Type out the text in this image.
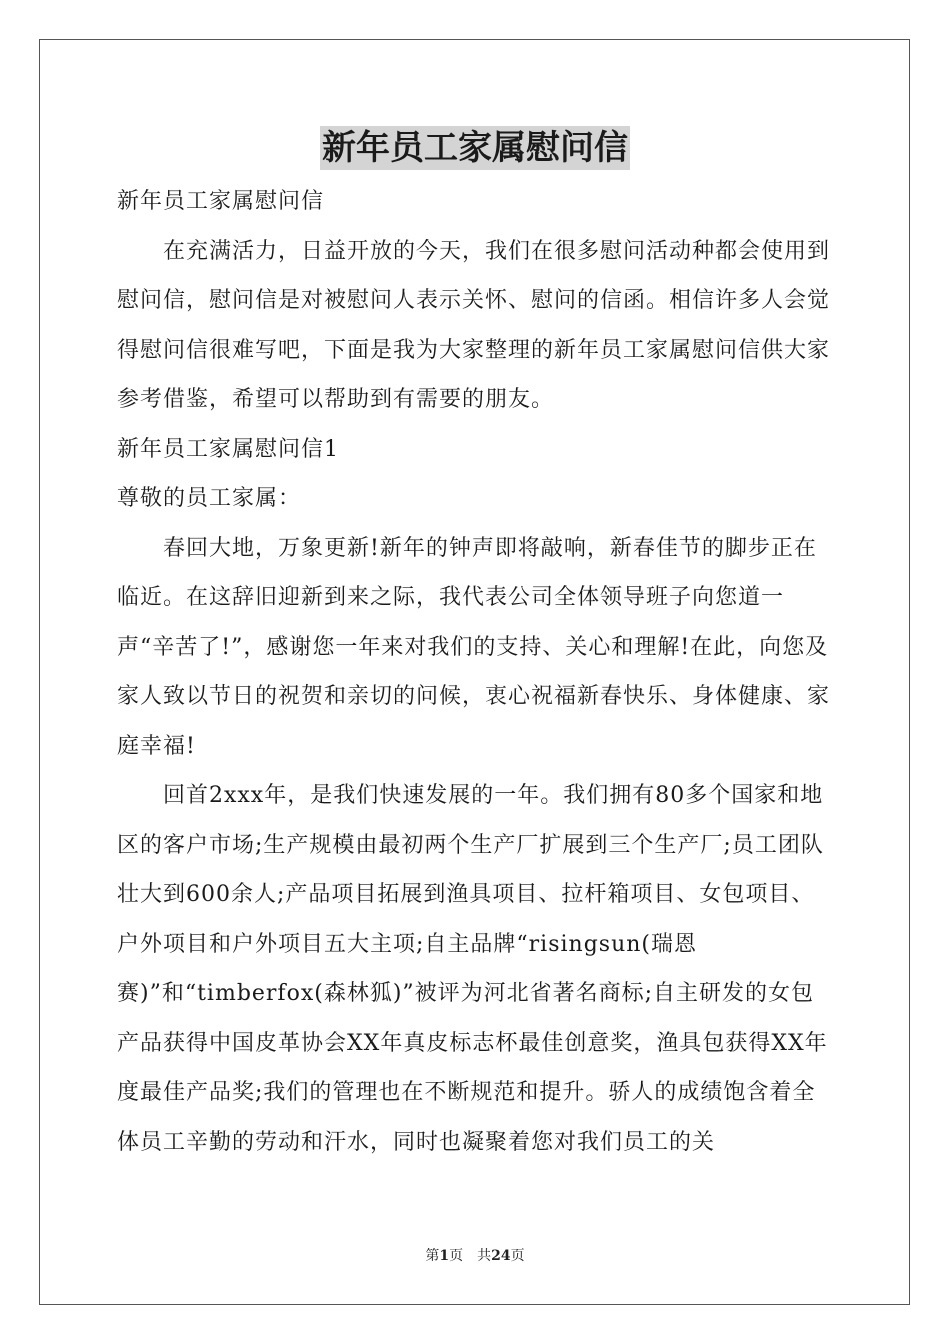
新年员工家属慰问信

新年员工家属慰问信

在充满活力，日益开放的今天，我们在很多慰问活动种都会使用到慰问信，慰问信是对被慰问人表示关怀、慰问的信函。相信许多人会觉得慰问信很难写吧，下面是我为大家整理的新年员工家属慰问信供大家参考借鉴，希望可以帮助到有需要的朋友。

新年员工家属慰问信1

尊敬的员工家属：

春回大地，万象更新!新年的钟声即将敲响，新春佳节的脚步正在临近。在这辞旧迎新到来之际，我代表公司全体领导班子向您道一声“辛苦了!”，感谢您一年来对我们的支持、关心和理解!在此，向您及家人致以节日的祝贺和亲切的问候，衷心祝福新春快乐、身体健康、家庭幸福!

回首2xxx年，是我们快速发展的一年。我们拥有80多个国家和地区的客户市场;生产规模由最初两个生产厂扩展到三个生产厂;员工团队壮大到600余人;产品项目拓展到渔具项目、拉杆箱项目、女包项目、户外项目和户外项目五大主项;自主品牌“risingsun(瑞恩赛)”和“timberfox(森林狐)”被评为河北省著名商标;自主研发的女包产品获得中国皮革协会XX年真皮标志杯最佳创意奖，渔具包获得XX年度最佳产品奖;我们的管理也在不断规范和提升。骄人的成绩饱含着全体员工辛勤的劳动和汗水，同时也凝聚着您对我们员工的关

第1页 共24页
